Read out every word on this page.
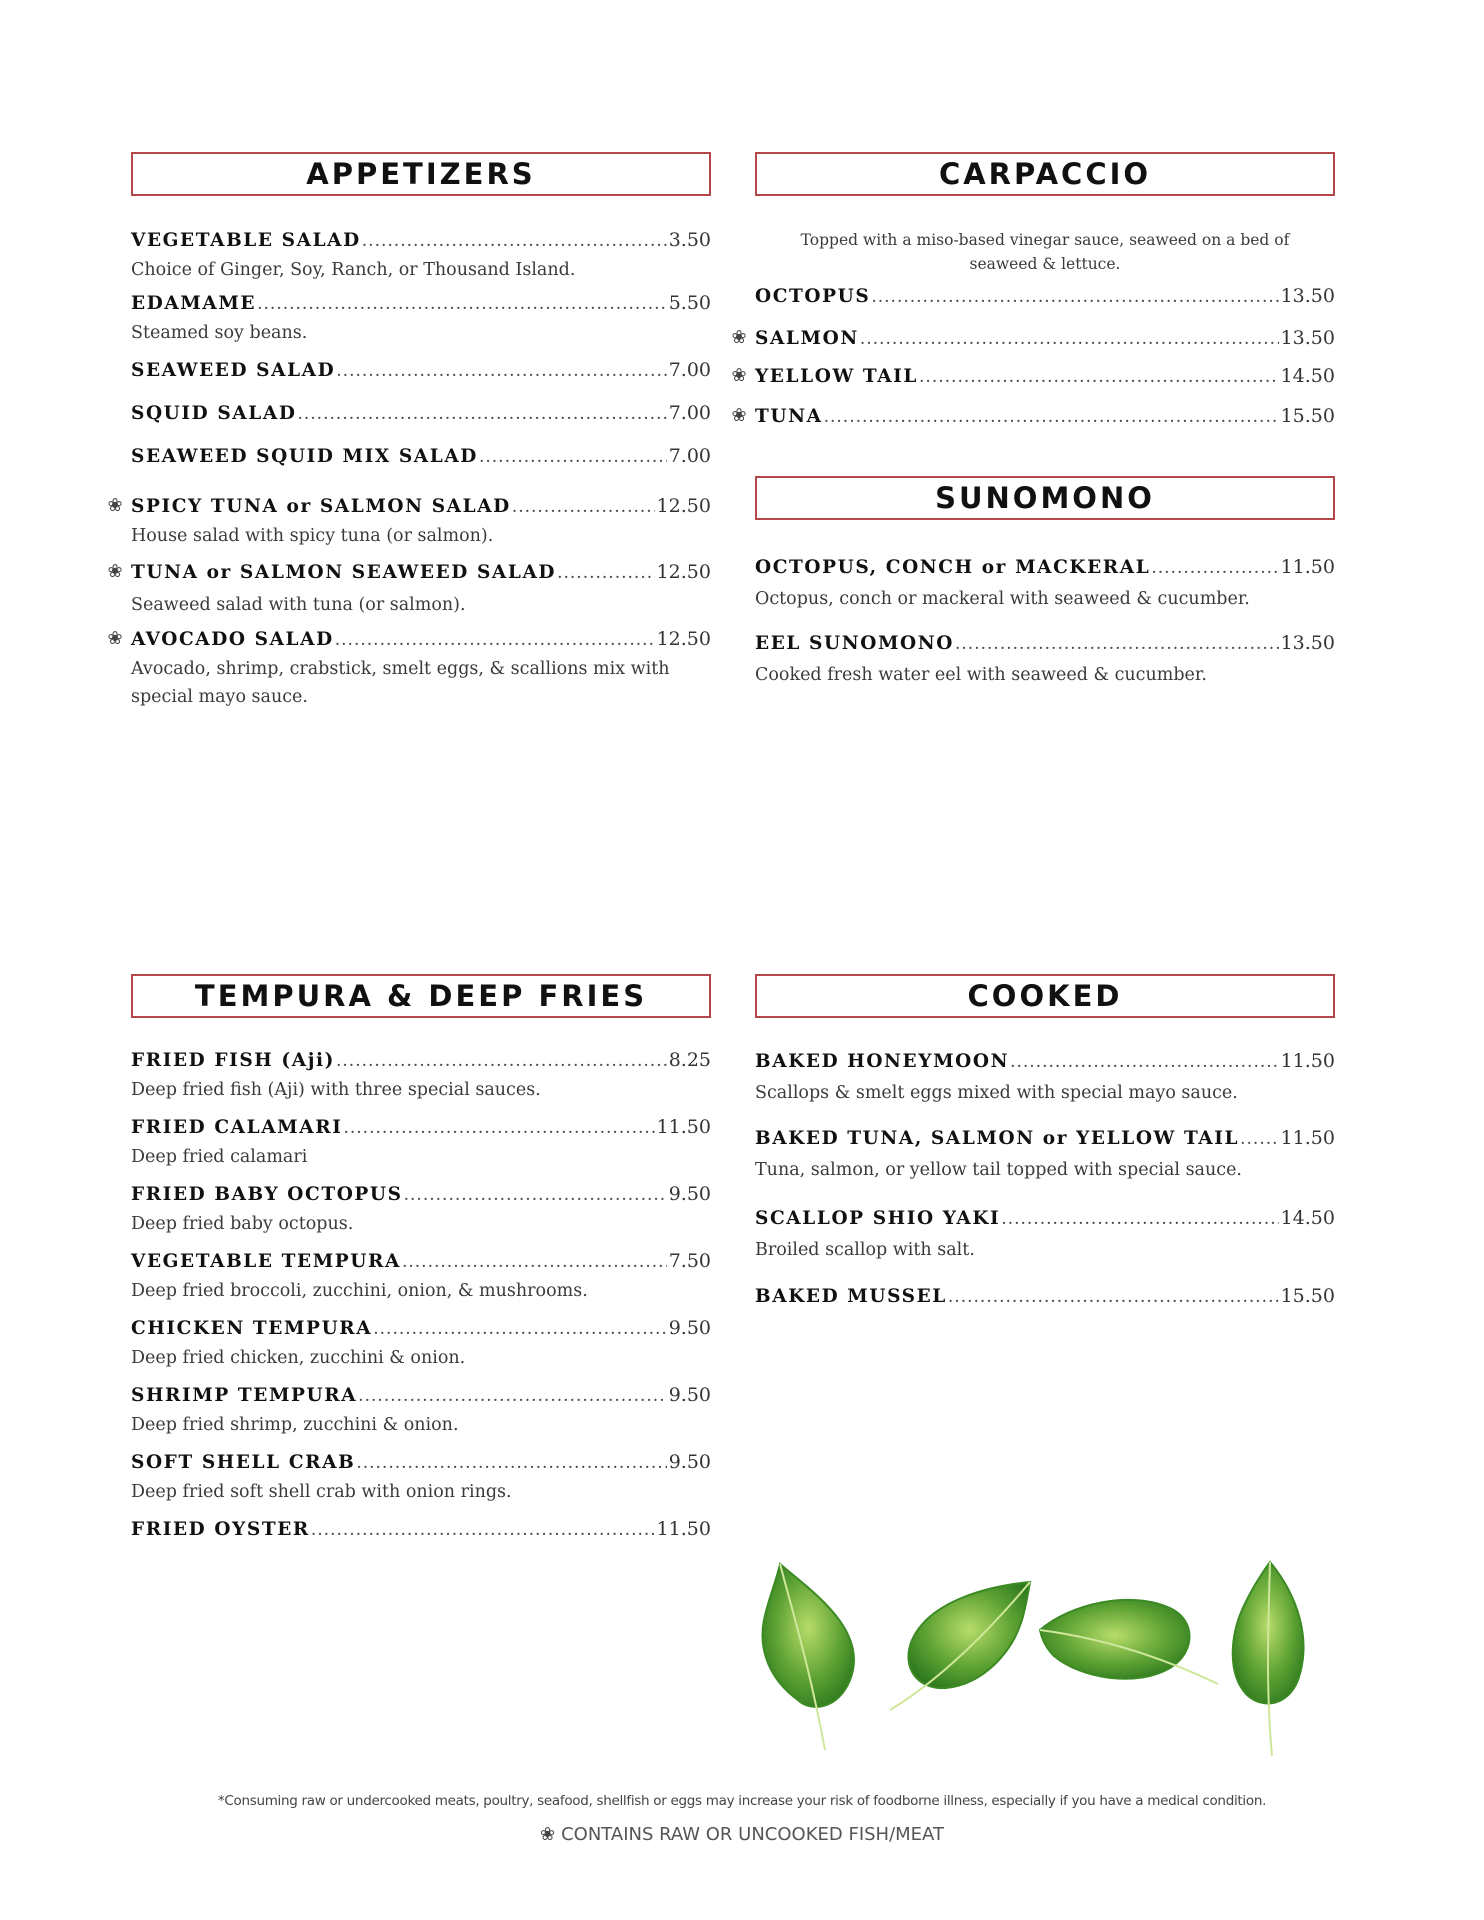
APPETIZERS
VEGETABLE SALAD .....	3.50
Choice of Ginger, Soy, Ranch, or Thousand Island.
EDAMAME .....	5.50
Steamed soy beans.
SEAWEED SALAD .....	7.00
SQUID SALAD .....	7.00
SEAWEED SQUID MIX SALAD .....	7.00
❀ SPICY TUNA or SALMON SALAD .....	12.50
House salad with spicy tuna (or salmon).
❀ TUNA or SALMON SEAWEED SALAD .....	12.50
Seaweed salad with tuna (or salmon).
❀ AVOCADO SALAD .....	12.50
Avocado, shrimp, crabstick, smelt eggs, & scallions mix with special mayo sauce.
CARPACCIO
Topped with a miso-based vinegar sauce, seaweed on a bed of seaweed & lettuce.
OCTOPUS .....	13.50
❀ SALMON .....	13.50
❀ YELLOW TAIL .....	14.50
❀ TUNA .....	15.50
SUNOMONO
OCTOPUS, CONCH or MACKERAL .....	11.50
Octopus, conch or mackeral with seaweed & cucumber.
EEL SUNOMONO .....	13.50
Cooked fresh water eel with seaweed & cucumber.
TEMPURA & DEEP FRIES
FRIED FISH (Aji) .....	8.25
Deep fried fish (Aji) with three special sauces.
FRIED CALAMARI .....	11.50
Deep fried calamari
FRIED BABY OCTOPUS .....	9.50
Deep fried baby octopus.
VEGETABLE TEMPURA .....	7.50
Deep fried broccoli, zucchini, onion, & mushrooms.
CHICKEN TEMPURA .....	9.50
Deep fried chicken, zucchini & onion.
SHRIMP TEMPURA .....	9.50
Deep fried shrimp, zucchini & onion.
SOFT SHELL CRAB .....	9.50
Deep fried soft shell crab with onion rings.
FRIED OYSTER .....	11.50
COOKED
BAKED HONEYMOON .....	11.50
Scallops & smelt eggs mixed with special mayo sauce.
BAKED TUNA, SALMON or YELLOW TAIL ..... 11.50
Tuna, salmon, or yellow tail topped with special sauce.
SCALLOP SHIO YAKI .....	14.50
Broiled scallop with salt.
BAKED MUSSEL .....	15.50
*Consuming raw or undercooked meats, poultry, seafood, shellfish or eggs may increase your risk of foodborne illness, especially if you have a medical condition.
❀ CONTAINS RAW OR UNCOOKED FISH/MEAT
